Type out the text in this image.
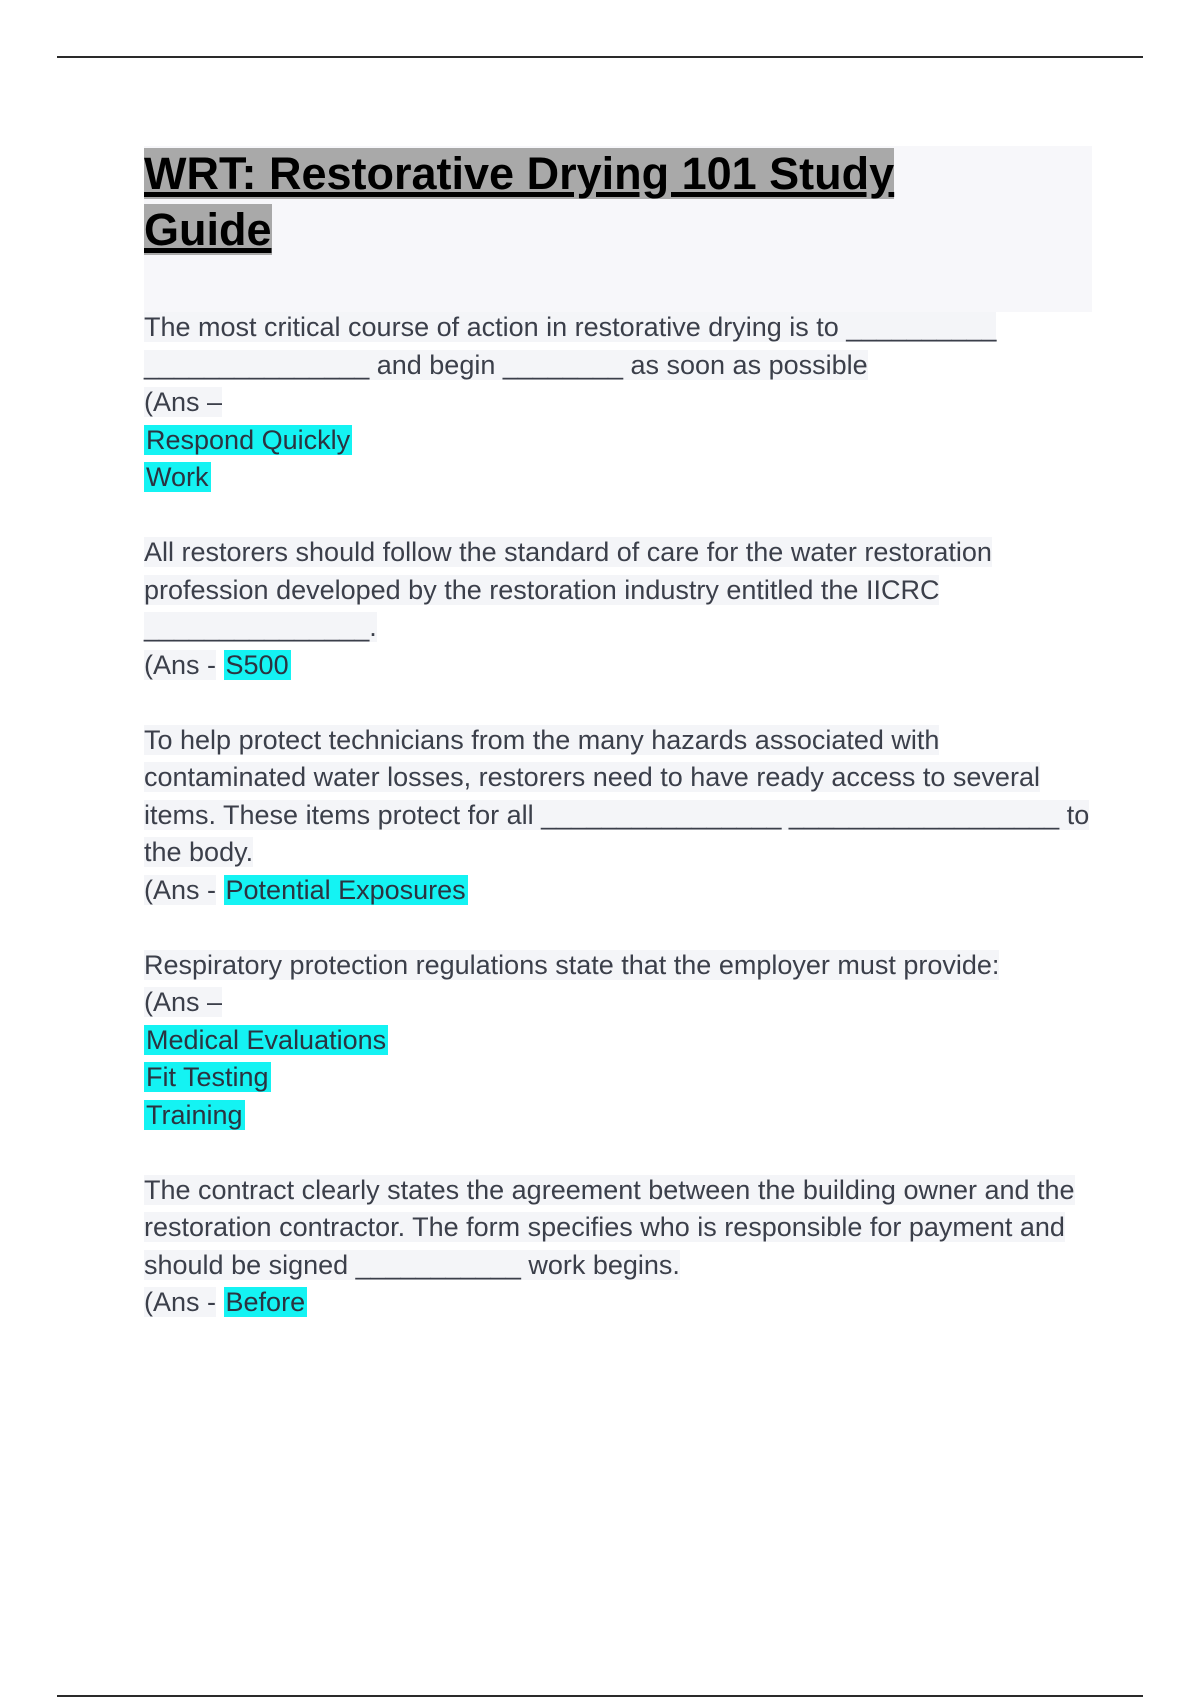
WRT: Restorative Drying 101 Study Guide
The most critical course of action in restorative drying is to __________ _______________ and begin ________ as soon as possible
(Ans –
Respond Quickly
Work
All restorers should follow the standard of care for the water restoration profession developed by the restoration industry entitled the IICRC _______________.
(Ans - S500
To help protect technicians from the many hazards associated with contaminated water losses, restorers need to have ready access to several items. These items protect for all ________________ __________________ to the body.
(Ans - Potential Exposures
Respiratory protection regulations state that the employer must provide:
(Ans –
Medical Evaluations
Fit Testing
Training
The contract clearly states the agreement between the building owner and the restoration contractor. The form specifies who is responsible for payment and should be signed ___________ work begins.
(Ans - Before
